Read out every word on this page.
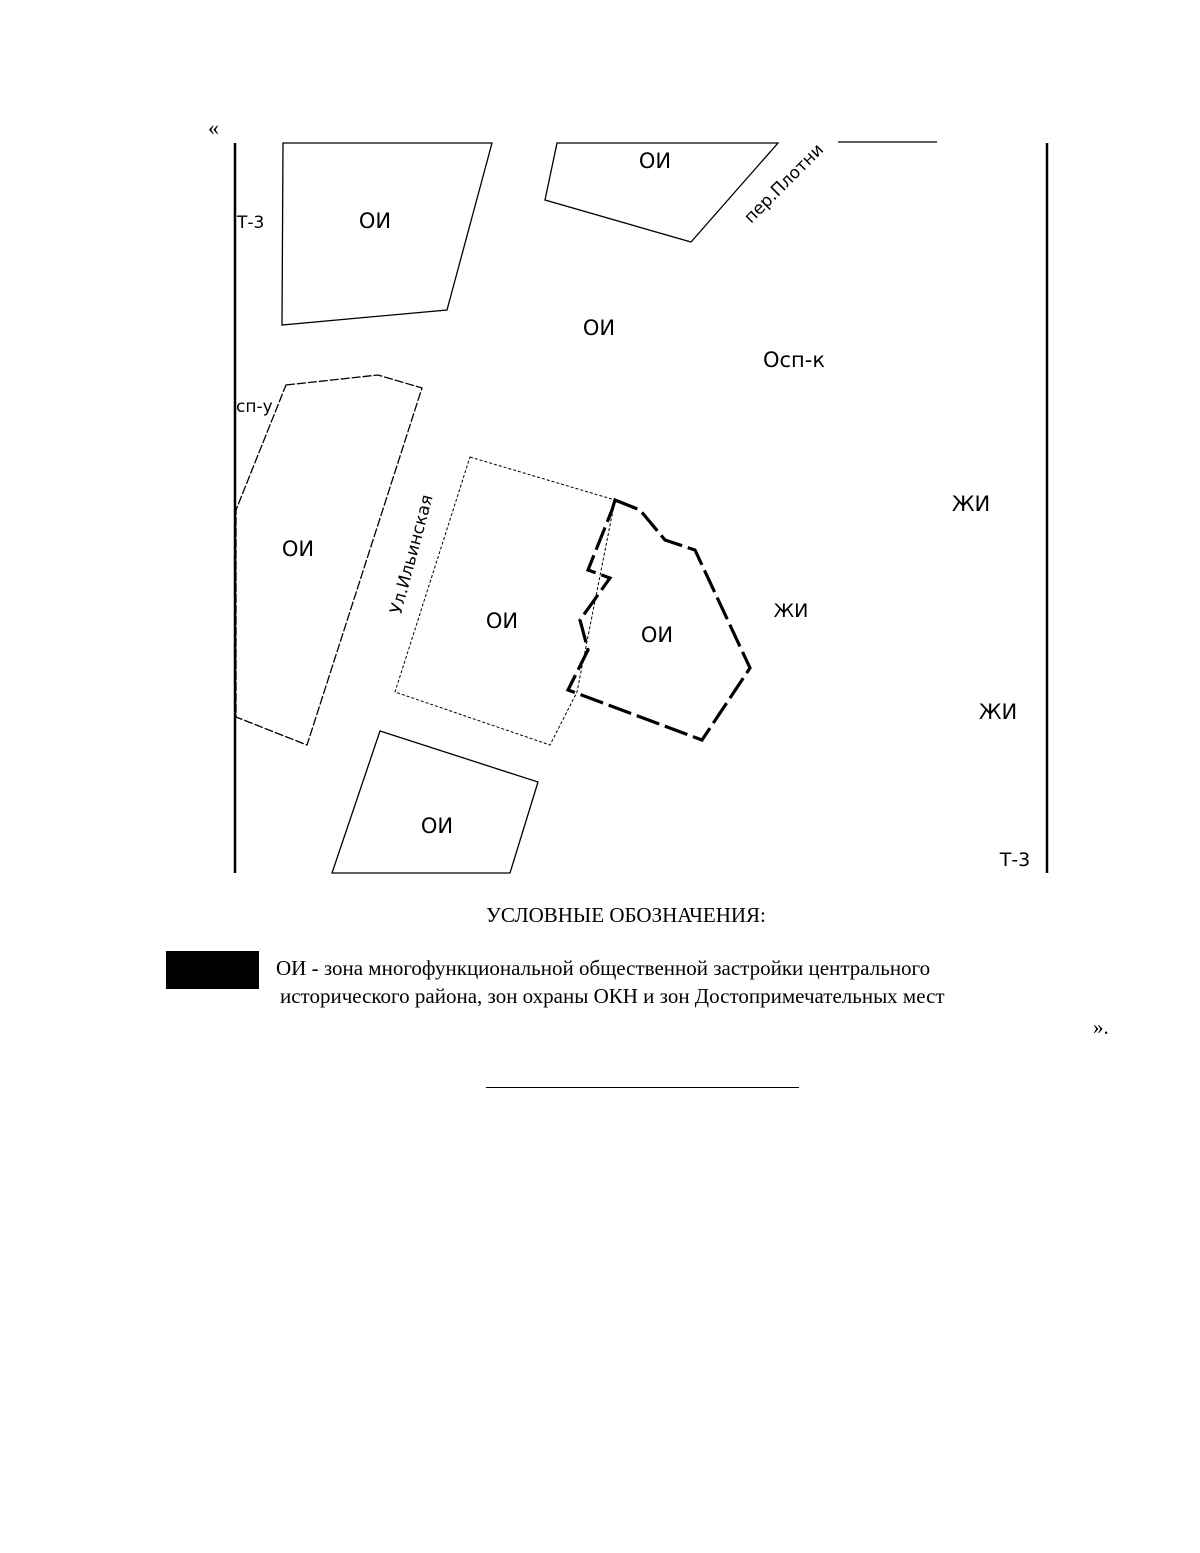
«
ОИ
ОИ
ОИ
ОИ
ОИ
ОИ
ОИ
Осп-к
ЖИ
ЖИ
ЖИ
Т-3
Т-3
сп-у
Ул.Ильинская
пер.Плотни
УСЛОВНЫЕ ОБОЗНАЧЕНИЯ:
ОИ - зона многофункциональной общественной застройки центрального
исторического района, зон охраны ОКН и зон Достопримечательных мест
».
